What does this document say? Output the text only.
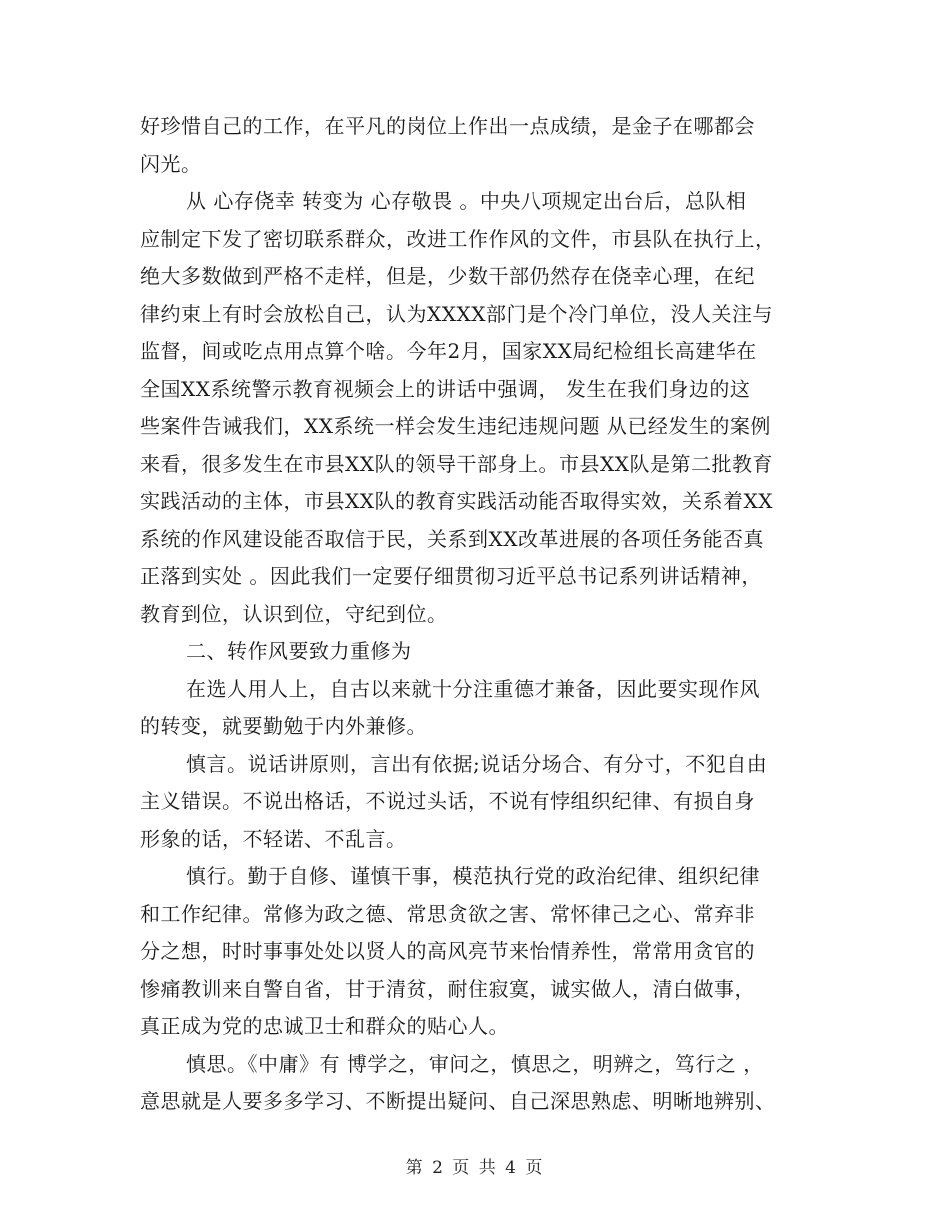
好珍惜自己的工作，在平凡的岗位上作出一点成绩，是金子在哪都会
闪光。
从 心存侥幸 转变为 心存敬畏 。中央八项规定出台后，总队相
应制定下发了密切联系群众，改进工作作风的文件，市县队在执行上，
绝大多数做到严格不走样，但是，少数干部仍然存在侥幸心理，在纪
律约束上有时会放松自己，认为XXXX部门是个冷门单位，没人关注与
监督，间或吃点用点算个啥。今年2月，国家XX局纪检组长高建华在
全国XX系统警示教育视频会上的讲话中强调， 发生在我们身边的这
些案件告诫我们，XX系统一样会发生违纪违规问题 从已经发生的案例
来看，很多发生在市县XX队的领导干部身上。市县XX队是第二批教育
实践活动的主体，市县XX队的教育实践活动能否取得实效，关系着XX
系统的作风建设能否取信于民，关系到XX改革进展的各项任务能否真
正落到实处 。因此我们一定要仔细贯彻习近平总书记系列讲话精神，
教育到位，认识到位，守纪到位。
二、转作风要致力重修为
在选人用人上，自古以来就十分注重德才兼备，因此要实现作风
的转变，就要勤勉于内外兼修。
慎言。说话讲原则，言出有依据;说话分场合、有分寸，不犯自由
主义错误。不说出格话，不说过头话，不说有悖组织纪律、有损自身
形象的话，不轻诺、不乱言。
慎行。勤于自修、谨慎干事，模范执行党的政治纪律、组织纪律
和工作纪律。常修为政之德、常思贪欲之害、常怀律己之心、常弃非
分之想，时时事事处处以贤人的高风亮节来怡情养性，常常用贪官的
惨痛教训来自警自省，甘于清贫，耐住寂寞，诚实做人，清白做事，
真正成为党的忠诚卫士和群众的贴心人。
慎思。《中庸》有 博学之，审问之，慎思之，明辨之，笃行之 ，
意思就是人要多多学习、不断提出疑问、自己深思熟虑、明晰地辨别、
第 2 页 共 4 页
